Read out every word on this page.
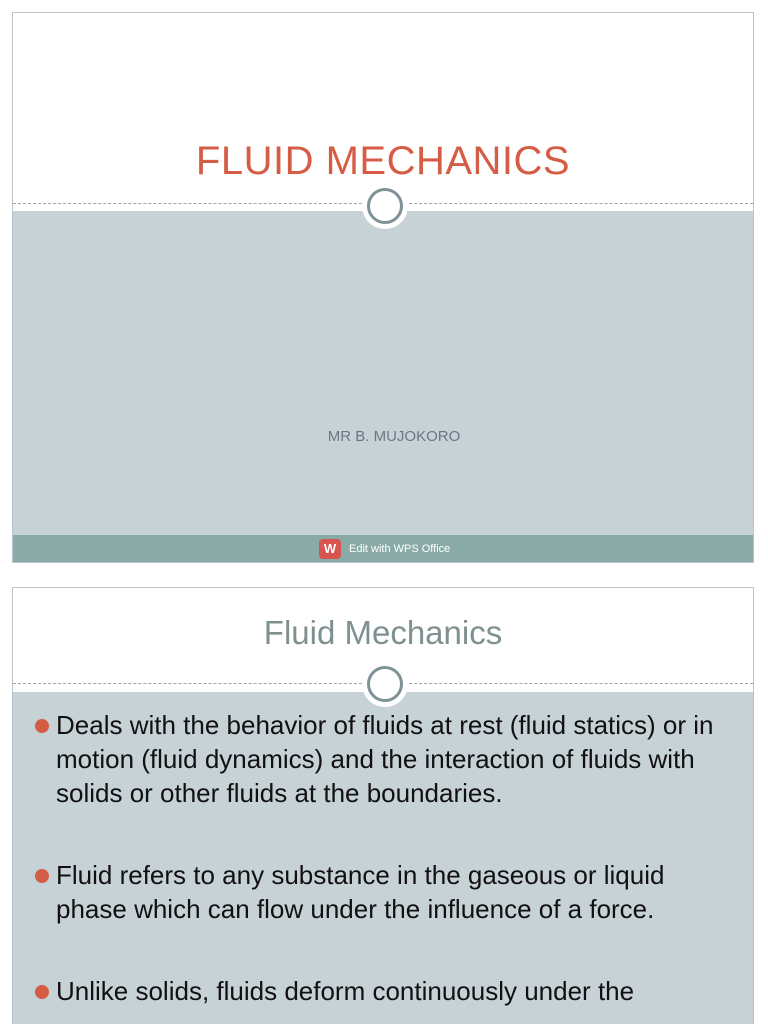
FLUID MECHANICS
MR B. MUJOKORO
W	Edit with WPS Office
Fluid Mechanics
Deals with the behavior of fluids at rest (fluid statics) or in motion (fluid dynamics) and the interaction of fluids with solids or other fluids at the boundaries.
Fluid refers to any substance in the gaseous or liquid phase which can flow under the influence of a force.
Unlike solids, fluids deform continuously under the
